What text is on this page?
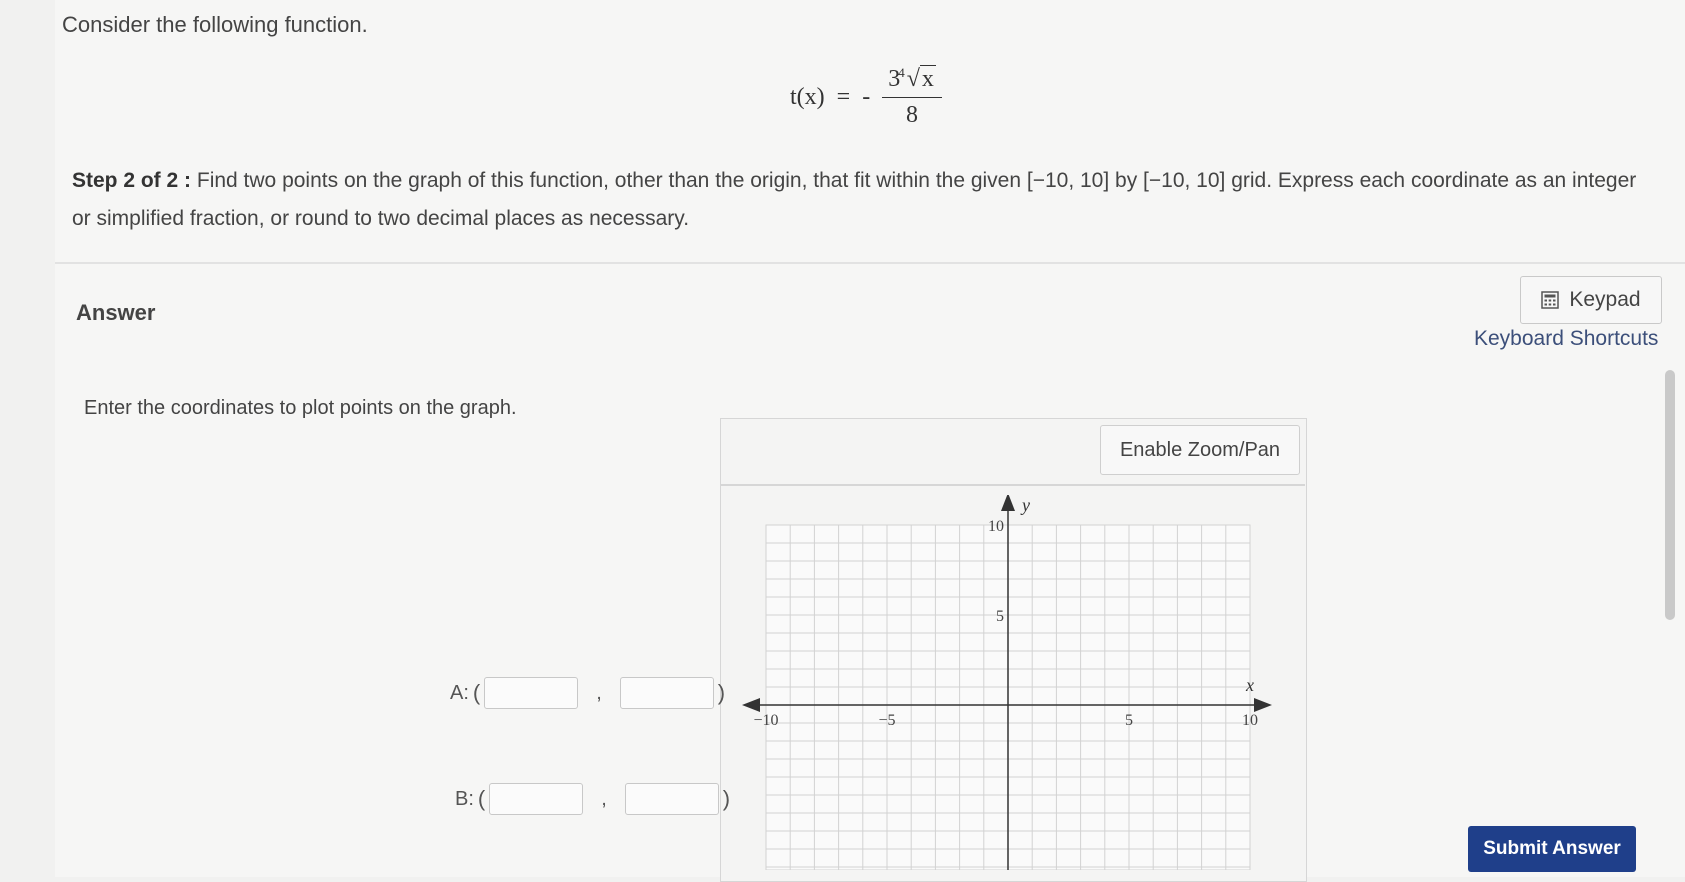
Consider the following function.
t(x) = - $\frac{3^4√x}{8}$
Step 2 of 2 : Find two points on the graph of this function, other than the origin, that fit within the given [−10, 10] by [−10, 10] grid. Express each coordinate as an integer or simplified fraction, or round to two decimal places as necessary.
Answer
Keypad
Keyboard Shortcuts
Enter the coordinates to plot points on the graph.
Enable Zoom/Pan
y
x
−10	−5	5	10
10
5
A: (	,	)
B: (	,	)
Submit Answer
